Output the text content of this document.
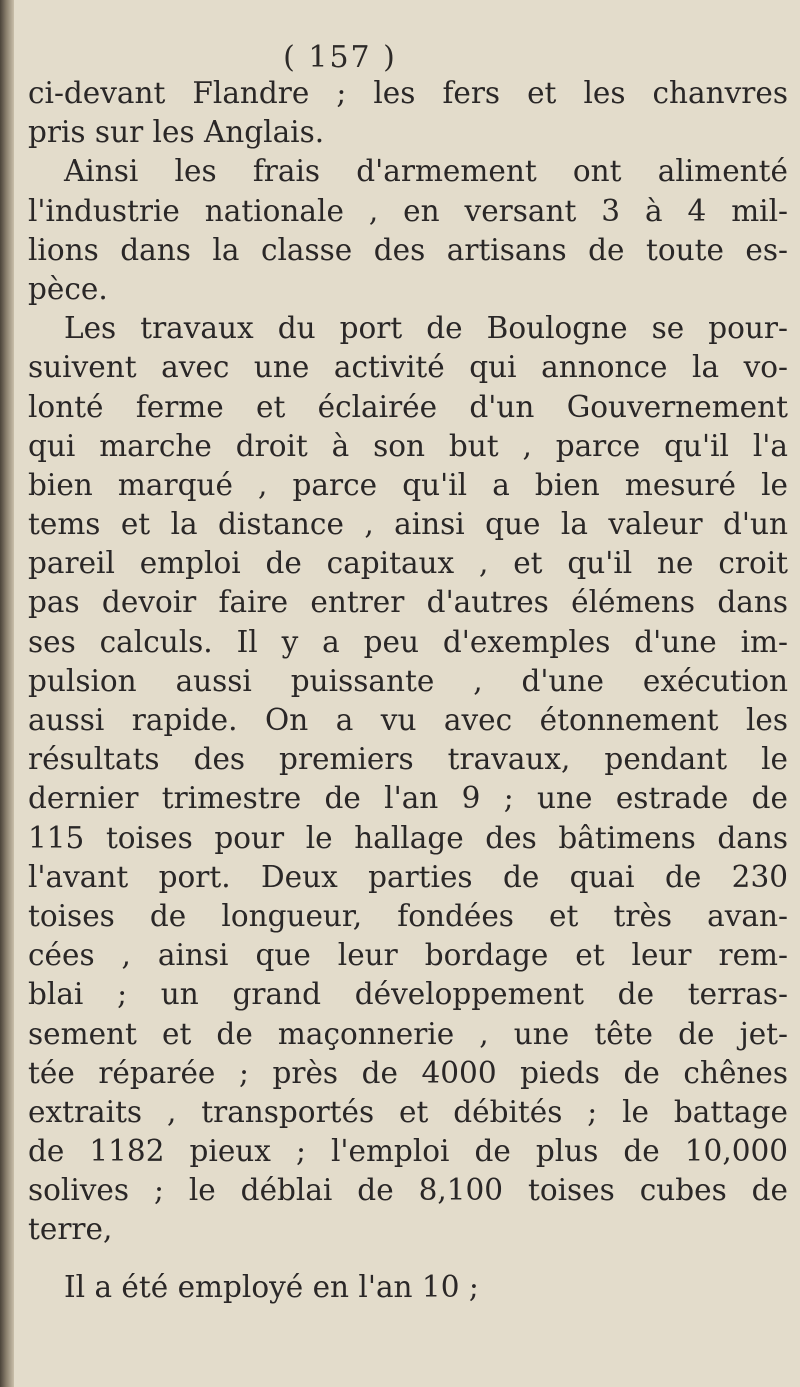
( 157 )
ci-devant Flandre ; les fers et les chanvres
pris sur les Anglais.
Ainsi les frais d'armement ont alimenté
l'industrie nationale , en versant 3 à 4 mil-
lions dans la classe des artisans de toute es-
pèce.
Les travaux du port de Boulogne se pour-
suivent avec une activité qui annonce la vo-
lonté ferme et éclairée d'un Gouvernement
qui marche droit à son but , parce qu'il l'a
bien marqué , parce qu'il a bien mesuré le
tems et la distance , ainsi que la valeur d'un
pareil emploi de capitaux , et qu'il ne croit
pas devoir faire entrer d'autres élémens dans
ses calculs. Il y a peu d'exemples d'une im-
pulsion aussi puissante , d'une exécution
aussi rapide. On a vu avec étonnement les
résultats des premiers travaux, pendant le
dernier trimestre de l'an 9 ; une estrade de
115 toises pour le hallage des bâtimens dans
l'avant port. Deux parties de quai de 230
toises de longueur, fondées et très avan-
cées , ainsi que leur bordage et leur rem-
blai ; un grand développement de terras-
sement et de maçonnerie , une tête de jet-
tée réparée ; près de 4000 pieds de chênes
extraits , transportés et débités ; le battage
de 1182 pieux ; l'emploi de plus de 10,000
solives ; le déblai de 8,100 toises cubes de
terre,
Il a été employé en l'an 10 ;
